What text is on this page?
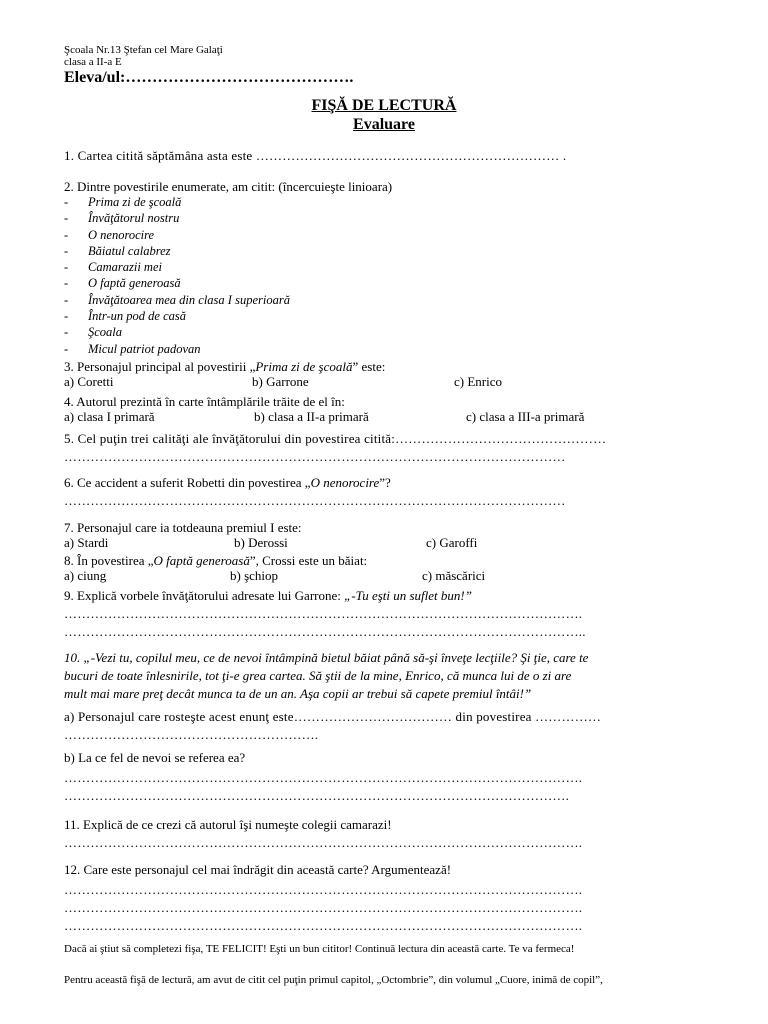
Şcoala Nr.13 Ştefan cel Mare Galaţi
clasa a II-a E
Eleva/ul:…………………………………….
FIŞĂ DE LECTURĂ
Evaluare
1. Cartea citită săptămâna asta este …………………………………………………………… .
2. Dintre povestirile enumerate, am citit: (încercuieşte linioara)
- Prima zi de şcoală
- Învăţătorul nostru
- O nenorocire
- Băiatul calabrez
- Camarazii mei
- O faptă generoasă
- Învăţătoarea mea din clasa I superioară
- Într-un pod de casă
- Şcoala
- Micul patriot padovan
3. Personajul principal al povestirii „Prima zi de şcoală” este:
a) Coretti	b) Garrone	c) Enrico
4. Autorul prezintă în carte întâmplările trăite de el în:
a) clasa I primară	b) clasa a II-a primară	c) clasa a III-a primară
5. Cel puţin trei calităţi ale învăţătorului din povestirea citită:…………………………………………
……………………………………………………………………………………………………
6. Ce accident a suferit Robetti din povestirea „O nenorocire”?
……………………………………………………………………………………………………
7. Personajul care ia totdeauna premiul I este:
a) Stardi	b) Derossi	c) Garoffi
8. În povestirea „O faptă generoasă”, Crossi este un băiat:
a) ciung	b) şchiop	c) măscărici
9. Explică vorbele învăţătorului adresate lui Garrone: „-Tu eşti un suflet bun!”
……………………………………………………………………………………………………….
………………………………………………………………………………………………………..
10. „-Vezi tu, copilul meu, ce de nevoi întâmpină bietul băiat până să-şi înveţe lecţiile? Şi ţie, care te
bucuri de toate înlesnirile, tot ţi-e grea cartea. Să ştii de la mine, Enrico, că munca lui de o zi are
mult mai mare preţ decât munca ta de un an. Aşa copii ar trebui să capete premiul întâi!”
a) Personajul care rosteşte acest enunţ este……………………………… din povestirea ……………
………………………………………………….
b) La ce fel de nevoi se referea ea?
……………………………………………………………………………………………………….
…………………………………………………………………………………………………….
11. Explică de ce crezi că autorul îşi numeşte colegii camarazi!
……………………………………………………………………………………………………….
12. Care este personajul cel mai îndrăgit din această carte? Argumentează!
……………………………………………………………………………………………………….
……………………………………………………………………………………………………….
……………………………………………………………………………………………………….
Dacă ai ştiut să completezi fişa, TE FELICIT! Eşti un bun cititor! Continuă lectura din această carte. Te va fermeca!
Pentru această fişă de lectură, am avut de citit cel puţin primul capitol, „Octombrie”, din volumul „Cuore, inimă de copil”,
